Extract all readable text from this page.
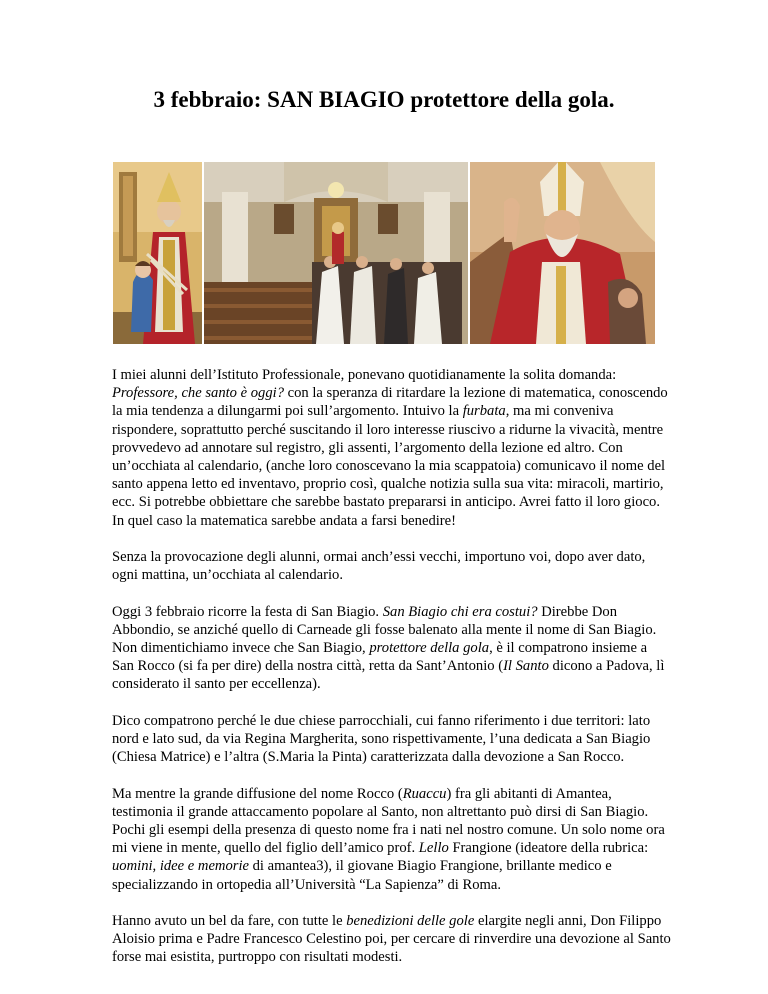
3 febbraio: SAN BIAGIO protettore della gola.

I miei alunni dell’Istituto Professionale, ponevano quotidianamente la solita domanda: Professore, che santo è oggi? con la speranza di ritardare la lezione di matematica, conoscendo la mia tendenza a dilungarmi poi sull’argomento. Intuivo la furbata, ma mi conveniva rispondere, soprattutto perché suscitando il loro interesse riuscivo a ridurne la vivacità, mentre provvedevo ad annotare sul registro, gli assenti, l’argomento della lezione ed altro. Con un’occhiata al calendario, (anche loro conoscevano la mia scappatoia) comunicavo il nome del santo appena letto ed inventavo, proprio così, qualche notizia sulla sua vita: miracoli, martirio, ecc. Si potrebbe obbiettare che sarebbe bastato prepararsi in anticipo. Avrei fatto il loro gioco. In quel caso la matematica sarebbe andata a farsi benedire!

Senza la provocazione degli alunni, ormai anch’essi vecchi, importuno voi, dopo aver dato, ogni mattina, un’occhiata al calendario.

Oggi 3 febbraio ricorre la festa di San Biagio. San Biagio chi era costui? Direbbe Don Abbondio, se anziché quello di Carneade gli fosse balenato alla mente il nome di San Biagio. Non dimentichiamo invece che San Biagio, protettore della gola, è il compatrono insieme a San Rocco (si fa per dire) della nostra città, retta da Sant’Antonio (Il Santo dicono a Padova, lì considerato il santo per eccellenza).

Dico compatrono perché le due chiese parrocchiali, cui fanno riferimento i due territori: lato nord e lato sud, da via Regina Margherita, sono rispettivamente, l’una dedicata a San Biagio (Chiesa Matrice) e l’altra (S.Maria la Pinta) caratterizzata dalla devozione a San Rocco.

Ma mentre la grande diffusione del nome Rocco (Ruaccu) fra gli abitanti di Amantea, testimonia il grande attaccamento popolare al Santo, non altrettanto può dirsi di San Biagio. Pochi gli esempi della presenza di questo nome fra i nati nel nostro comune. Un solo nome ora mi viene in mente, quello del figlio dell’amico prof. Lello Frangione (ideatore della rubrica: uomini, idee e memorie di amantea3), il giovane Biagio Frangione, brillante medico e specializzando in ortopedia all’Università “La Sapienza” di Roma.

Hanno avuto un bel da fare, con tutte le benedizioni delle gole elargite negli anni, Don Filippo Aloisio prima e Padre Francesco Celestino poi, per cercare di rinverdire una devozione al Santo forse mai esistita, purtroppo con risultati modesti.
